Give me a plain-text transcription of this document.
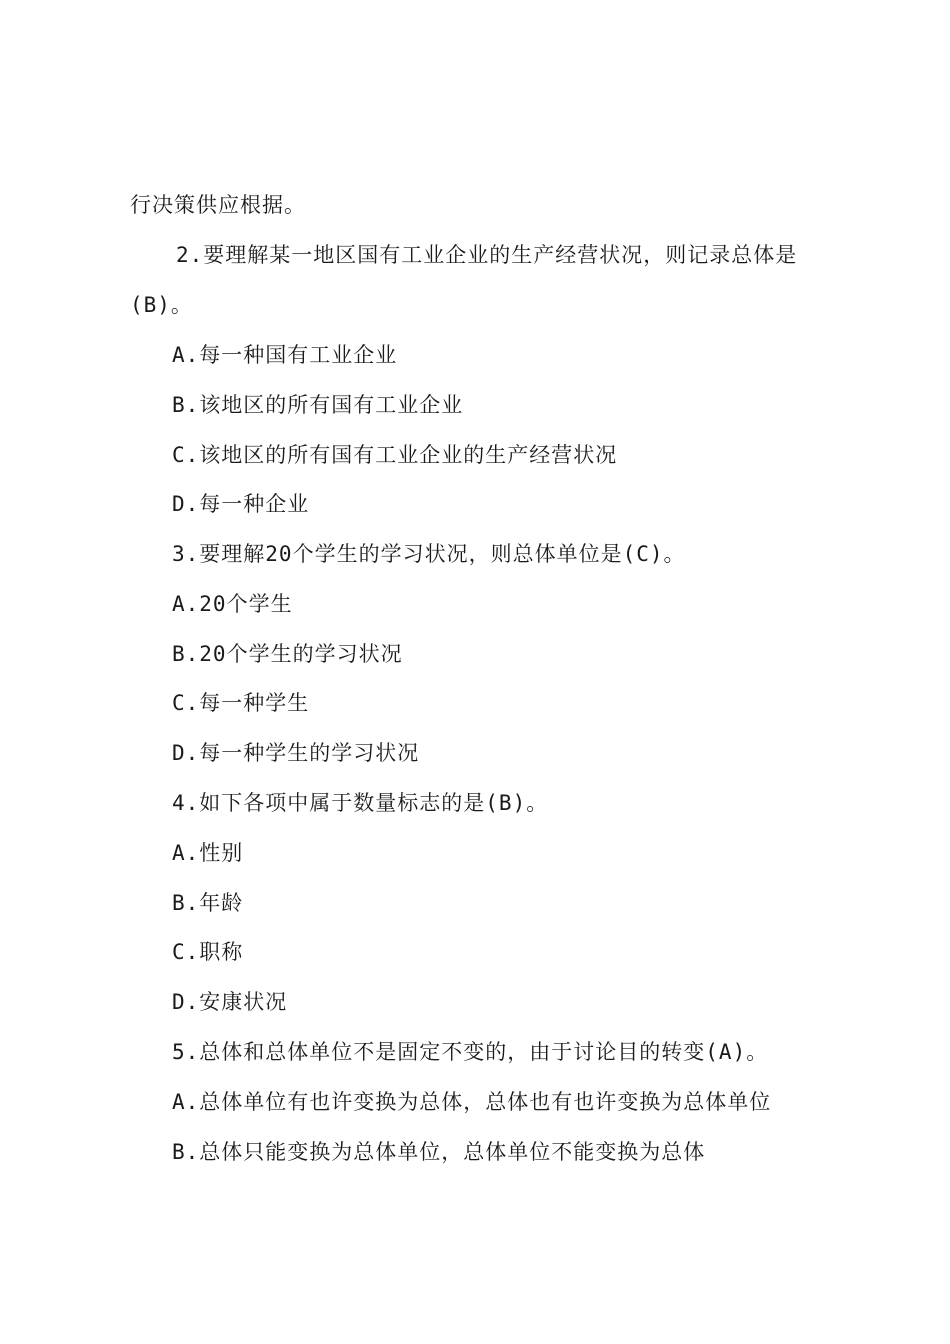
行决策供应根据。
2.要理解某一地区国有工业企业的生产经营状况，则记录总体是
(B)。
A.每一种国有工业企业
B.该地区的所有国有工业企业
C.该地区的所有国有工业企业的生产经营状况
D.每一种企业
3.要理解20个学生的学习状况，则总体单位是(C)。
A.20个学生
B.20个学生的学习状况
C.每一种学生
D.每一种学生的学习状况
4.如下各项中属于数量标志的是(B)。
A.性别
B.年龄
C.职称
D.安康状况
5.总体和总体单位不是固定不变的，由于讨论目的转变(A)。
A.总体单位有也许变换为总体，总体也有也许变换为总体单位
B.总体只能变换为总体单位，总体单位不能变换为总体
